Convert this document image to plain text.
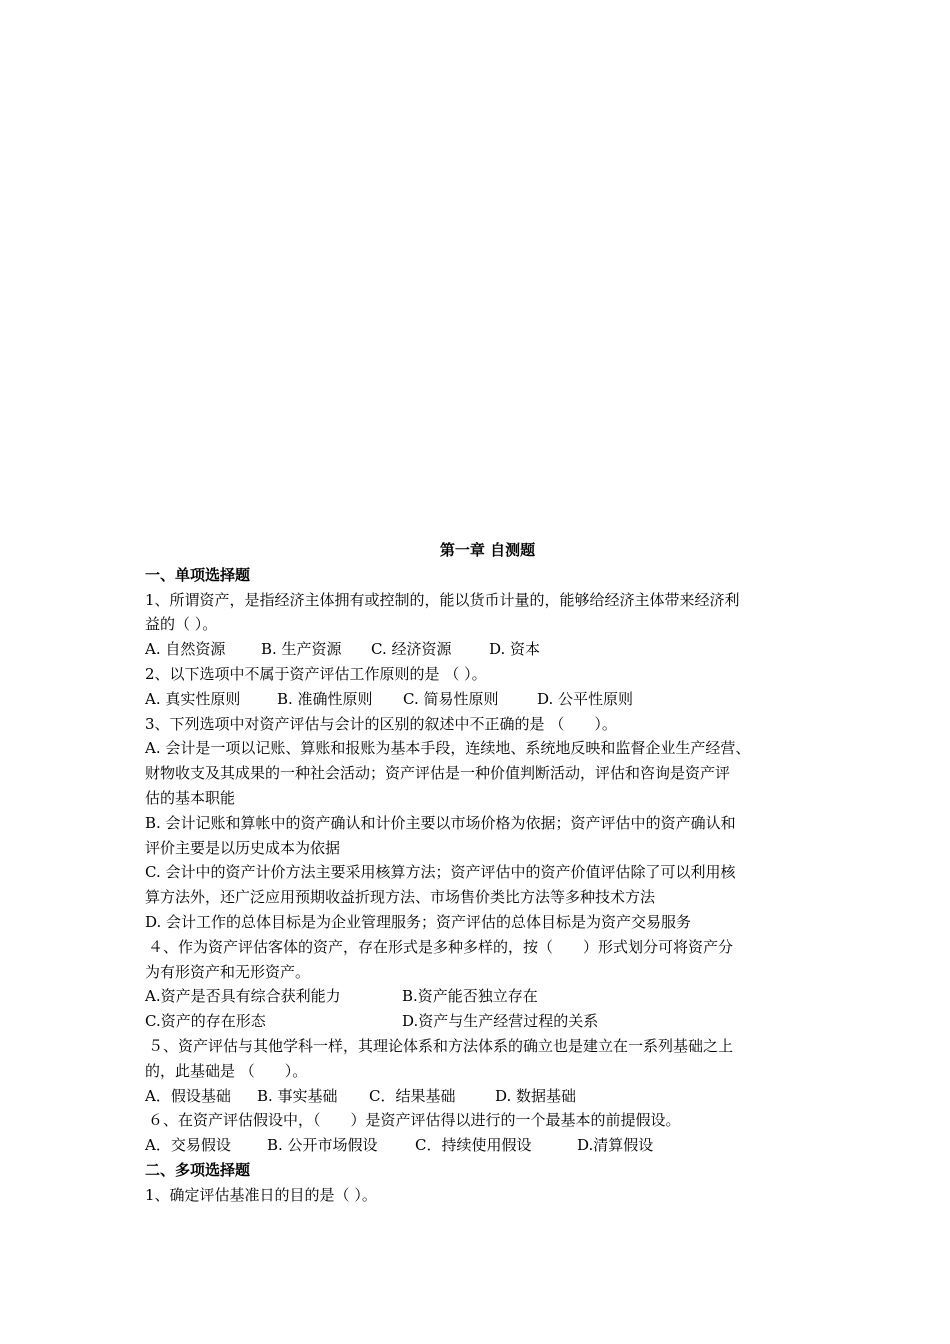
第一章 自测题
一、单项选择题
1、所谓资产，是指经济主体拥有或控制的，能以货币计量的，能够给经济主体带来经济利
益的（ ）。
A. 自然资源	B. 生产资源	C. 经济资源	D. 资本
2、以下选项中不属于资产评估工作原则的是 （ ）。
A. 真实性原则	B. 准确性原则	C. 简易性原则	D. 公平性原则
3、下列选项中对资产评估与会计的区别的叙述中不正确的是 （　　）。
A. 会计是一项以记账、算账和报账为基本手段，连续地、系统地反映和监督企业生产经营、
财物收支及其成果的一种社会活动；资产评估是一种价值判断活动，评估和咨询是资产评
估的基本职能
B. 会计记账和算帐中的资产确认和计价主要以市场价格为依据；资产评估中的资产确认和
评价主要是以历史成本为依据
C. 会计中的资产计价方法主要采用核算方法；资产评估中的资产价值评估除了可以利用核
算方法外，还广泛应用预期收益折现方法、市场售价类比方法等多种技术方法
D. 会计工作的总体目标是为企业管理服务；资产评估的总体目标是为资产交易服务
４、作为资产评估客体的资产，存在形式是多种多样的，按（　　）形式划分可将资产分
为有形资产和无形资产。
A.资产是否具有综合获利能力	B.资产能否独立存在
C.资产的存在形态	D.资产与生产经营过程的关系
５、资产评估与其他学科一样，其理论体系和方法体系的确立也是建立在一系列基础之上
的，此基础是 （　　）。
A．假设基础	B. 事实基础	C．结果基础	D. 数据基础
６、在资产评估假设中，（　　）是资产评估得以进行的一个最基本的前提假设。
A．交易假设	B. 公开市场假设	C．持续使用假设	D.清算假设
二、多项选择题
1、确定评估基准日的目的是（ ）。
